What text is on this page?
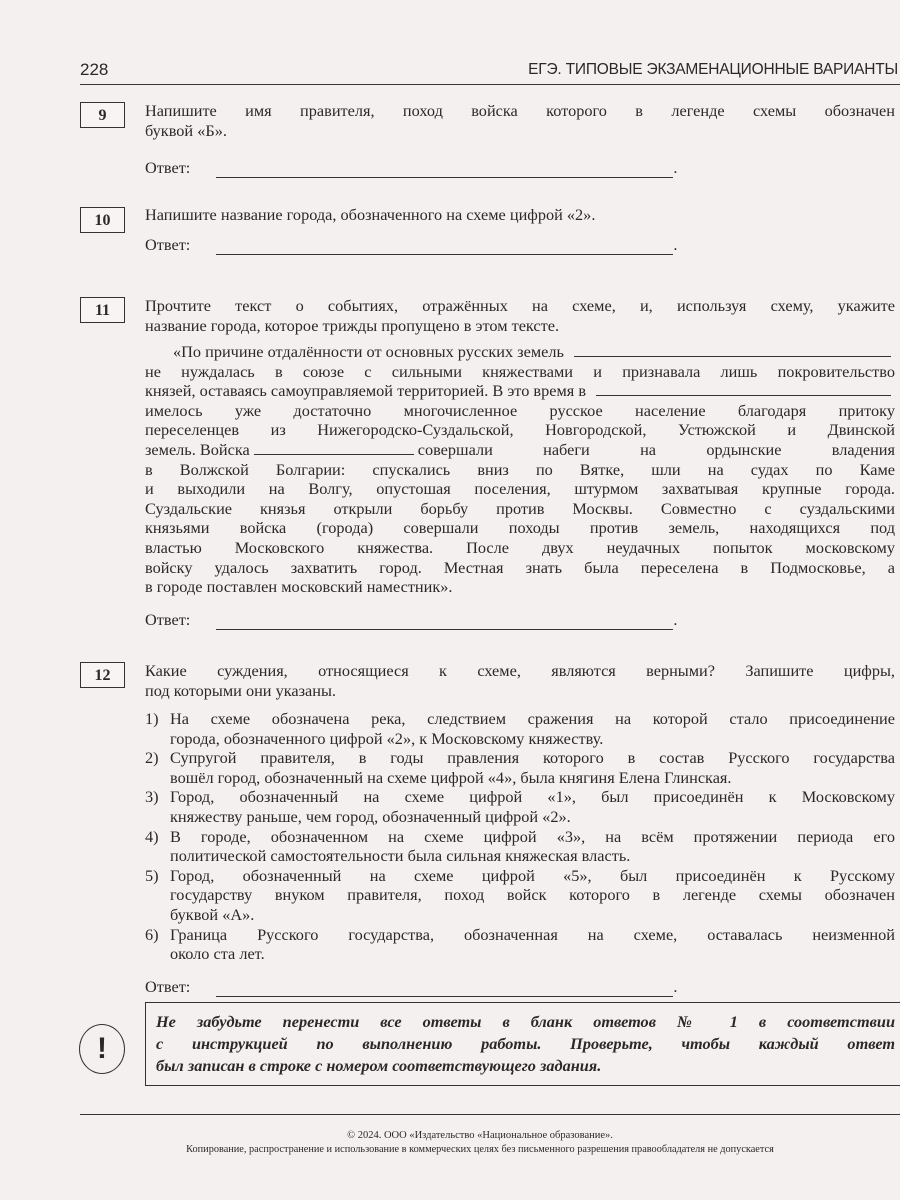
228	ЕГЭ. ТИПОВЫЕ ЭКЗАМЕНАЦИОННЫЕ ВАРИАНТЫ
9	Напишите имя правителя, поход войска которого в легенде схемы обозначен
буквой «Б».
Ответ:	.
10	Напишите название города, обозначенного на схеме цифрой «2».
Ответ:	.
11	Прочтите текст о событиях, отражённых на схеме, и, используя схему, укажите
название города, которое трижды пропущено в этом тексте.
«По причине отдалённости от основных русских земель
не нуждалась в союзе с сильными княжествами и признавала лишь покровительство
князей, оставаясь самоуправляемой территорией. В это время в
имелось уже достаточно многочисленное русское население благодаря притоку
переселенцев из Нижегородско-Суздальской, Новгородской, Устюжской и Двинской
земель. Войска	совершали набеги на ордынские владения
в Волжской Болгарии: спускались вниз по Вятке, шли на судах по Каме
и выходили на Волгу, опустошая поселения, штурмом захватывая крупные города.
Суздальские князья открыли борьбу против Москвы. Совместно с суздальскими
князьями войска (города) совершали походы против земель, находящихся под
властью Московского княжества. После двух неудачных попыток московскому
войску удалось захватить город. Местная знать была переселена в Подмосковье, а
в городе поставлен московский наместник».
Ответ:	.
12	Какие суждения, относящиеся к схеме, являются верными? Запишите цифры,
под которыми они указаны.
1) На схеме обозначена река, следствием сражения на которой стало присоединение
города, обозначенного цифрой «2», к Московскому княжеству.
2) Супругой правителя, в годы правления которого в состав Русского государства
вошёл город, обозначенный на схеме цифрой «4», была княгиня Елена Глинская.
3) Город, обозначенный на схеме цифрой «1», был присоединён к Московскому
княжеству раньше, чем город, обозначенный цифрой «2».
4) В городе, обозначенном на схеме цифрой «3», на всём протяжении периода его
политической самостоятельности была сильная княжеская власть.
5) Город, обозначенный на схеме цифрой «5», был присоединён к Русскому
государству внуком правителя, поход войск которого в легенде схемы обозначен
буквой «А».
6) Граница Русского государства, обозначенная на схеме, оставалась неизменной
около ста лет.
Ответ:	.
!
Не забудьте перенести все ответы в бланк ответов № 1 в соответствии
с инструкцией по выполнению работы. Проверьте, чтобы каждый ответ
был записан в строке с номером соответствующего задания.
© 2024. ООО «Издательство «Национальное образование».
Копирование, распространение и использование в коммерческих целях без письменного разрешения правообладателя не допускается
